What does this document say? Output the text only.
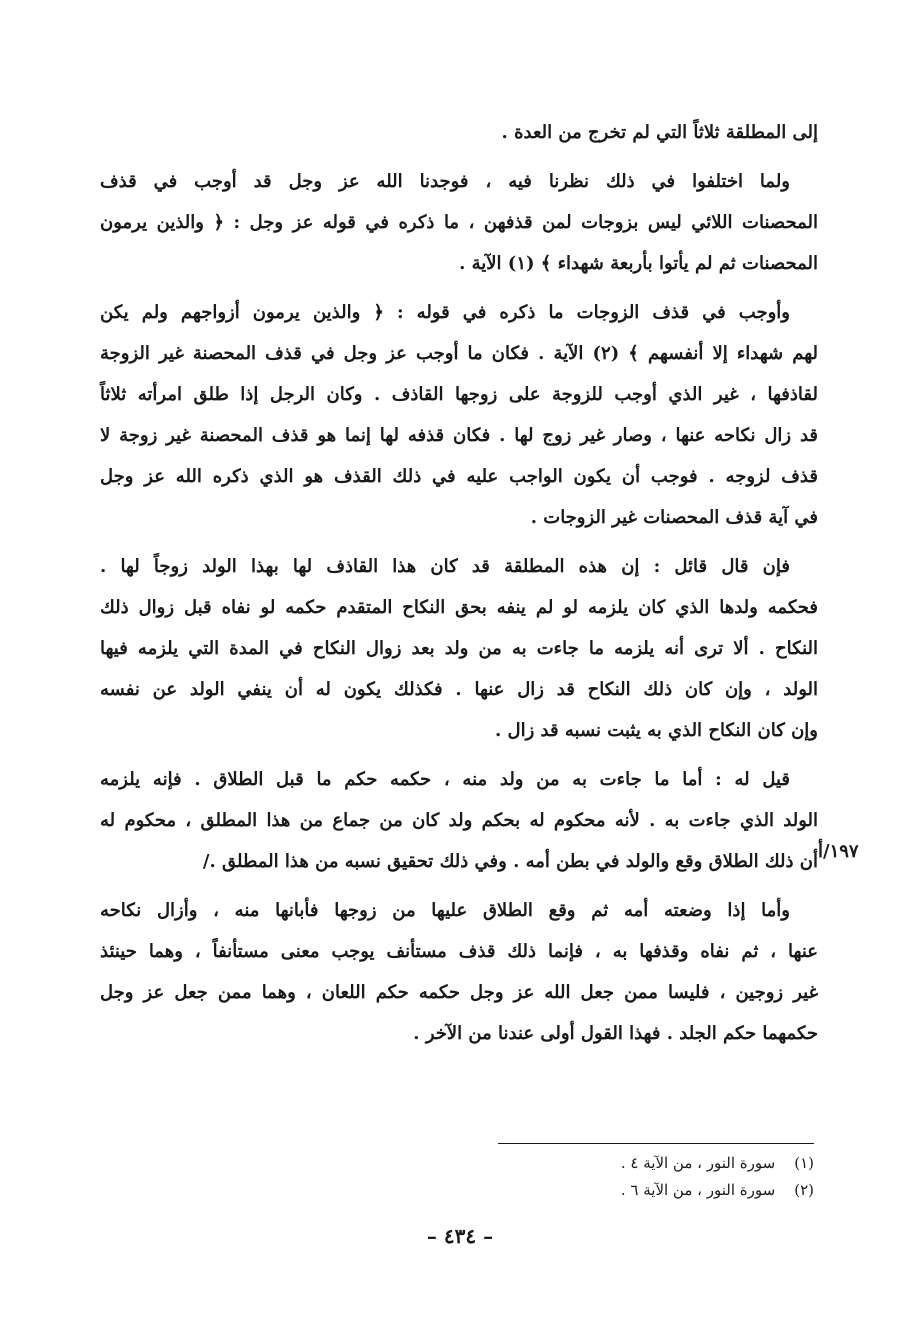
إلى المطلقة ثلاثاً التي لم تخرج من العدة .
ولما اختلفوا في ذلك نظرنا فيه ، فوجدنا الله عز وجل قد أوجب في قذف
المحصنات اللائي ليس بزوجات لمن قذفهن ، ما ذكره في قوله عز وجل : ﴿ والذين يرمون
المحصنات ثم لم يأتوا بأربعة شهداء ﴾ (١) الآية .
وأوجب في قذف الزوجات ما ذكره في قوله : ﴿ والذين يرمون أزواجهم ولم يكن
لهم شهداء إلا أنفسهم ﴾ (٢) الآية . فكان ما أوجب عز وجل في قذف المحصنة غير الزوجة
لقاذفها ، غير الذي أوجب للزوجة على زوجها القاذف . وكان الرجل إذا طلق امرأته ثلاثاً
قد زال نكاحه عنها ، وصار غير زوج لها . فكان قذفه لها إنما هو قذف المحصنة غير زوجة لا
قذف لزوجه . فوجب أن يكون الواجب عليه في ذلك القذف هو الذي ذكره الله عز وجل
في آية قذف المحصنات غير الزوجات .
فإن قال قائل : إن هذه المطلقة قد كان هذا القاذف لها بهذا الولد زوجاً لها .
فحكمه ولدها الذي كان يلزمه لو لم ينفه بحق النكاح المتقدم حكمه لو نفاه قبل زوال ذلك
النكاح . ألا ترى أنه يلزمه ما جاءت به من ولد بعد زوال النكاح في المدة التي يلزمه فيها
الولد ، وإن كان ذلك النكاح قد زال عنها . فكذلك يكون له أن ينفي الولد عن نفسه
وإن كان النكاح الذي به يثبت نسبه قد زال .
قيل له : أما ما جاءت به من ولد منه ، حكمه حكم ما قبل الطلاق . فإنه يلزمه
الولد الذي جاءت به . لأنه محكوم له بحكم ولد كان من جماع من هذا المطلق ، محكوم له
أن ذلك الطلاق وقع والولد في بطن أمه . وفي ذلك تحقيق نسبه من هذا المطلق ./ ١٩٧/أ
وأما إذا وضعته أمه ثم وقع الطلاق عليها من زوجها فأبانها منه ، وأزال نكاحه
عنها ، ثم نفاه وقذفها به ، فإنما ذلك قذف مستأنف يوجب معنى مستأنفاً ، وهما حينئذ
غير زوجين ، فليسا ممن جعل الله عز وجل حكمه حكم اللعان ، وهما ممن جعل عز وجل
حكمهما حكم الجلد . فهذا القول أولى عندنا من الآخر .
(١) سورة النور ، من الآية ٤ .
(٢) سورة النور ، من الآية ٦ .
– ٤٣٤ –
